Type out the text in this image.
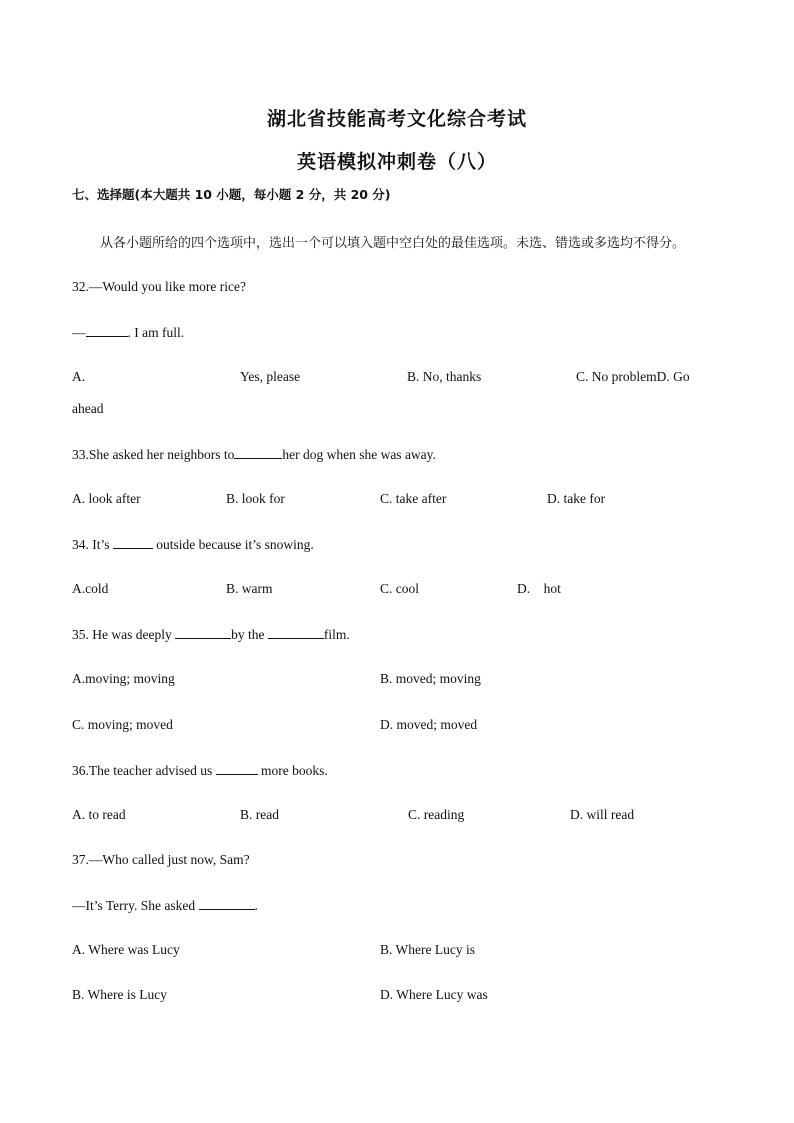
湖北省技能高考文化综合考试
英语模拟冲刺卷（八）
七、选择题(本大题共 10 小题，每小题 2 分，共 20 分)
从各小题所给的四个选项中，选出一个可以填入题中空白处的最佳选项。未选、错选或多选均不得分。
32.—Would you like more rice?
—	. I am full.
A.	Yes, please	B. No, thanks	C. No problemD. Go
ahead
33.She asked her neighbors to	her dog when she was away.
A. look after	B. look for	C. take after	D. take for
34. It’s	outside because it’s snowing.
A.cold	B. warm	C. cool	D.    hot
35. He was deeply	by the	film.
A.moving; moving	B. moved; moving
C. moving; moved	D. moved; moved
36.The teacher advised us	more books.
A. to read	B. read	C. reading	D. will read
37.—Who called just now, Sam?
—It’s Terry. She asked	.
A. Where was Lucy	B. Where Lucy is
B. Where is Lucy	D. Where Lucy was
